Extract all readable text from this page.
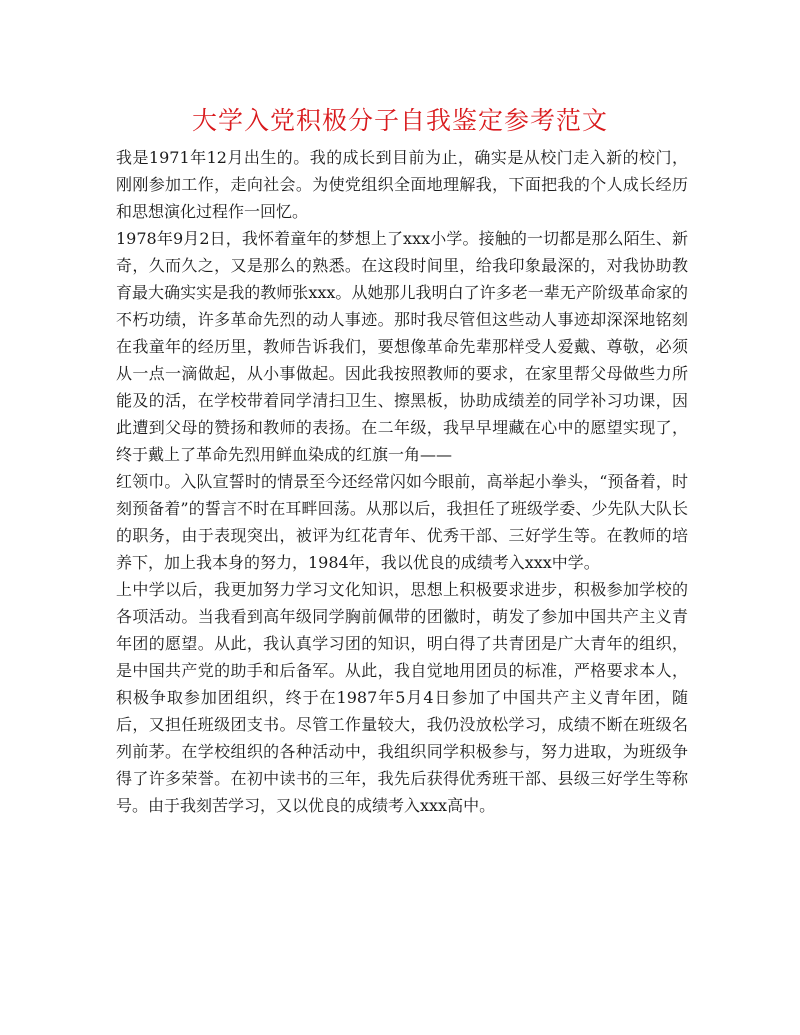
大学入党积极分子自我鉴定参考范文

我是1971年12月出生的。我的成长到目前为止，确实是从校门走入新的校门，刚刚参加工作，走向社会。为使党组织全面地理解我，下面把我的个人成长经历和思想演化过程作一回忆。

1978年9月2日，我怀着童年的梦想上了xxx小学。接触的一切都是那么陌生、新奇，久而久之，又是那么的熟悉。在这段时间里，给我印象最深的，对我协助教育最大确实实是我的教师张xxx。从她那儿我明白了许多老一辈无产阶级革命家的不朽功绩，许多革命先烈的动人事迹。那时我尽管但这些动人事迹却深深地铭刻在我童年的经历里，教师告诉我们，要想像革命先辈那样受人爱戴、尊敬，必须从一点一滴做起，从小事做起。因此我按照教师的要求，在家里帮父母做些力所能及的活，在学校带着同学清扫卫生、擦黑板，协助成绩差的同学补习功课，因此遭到父母的赞扬和教师的表扬。在二年级，我早早埋藏在心中的愿望实现了，终于戴上了革命先烈用鲜血染成的红旗一角——

红领巾。入队宣誓时的情景至今还经常闪如今眼前，高举起小拳头，“预备着，时刻预备着”的誓言不时在耳畔回荡。从那以后，我担任了班级学委、少先队大队长的职务，由于表现突出，被评为红花青年、优秀干部、三好学生等。在教师的培养下，加上我本身的努力，1984年，我以优良的成绩考入xxx中学。

上中学以后，我更加努力学习文化知识，思想上积极要求进步，积极参加学校的各项活动。当我看到高年级同学胸前佩带的团徽时，萌发了参加中国共产主义青年团的愿望。从此，我认真学习团的知识，明白得了共青团是广大青年的组织，是中国共产党的助手和后备军。从此，我自觉地用团员的标准，严格要求本人，积极争取参加团组织，终于在1987年5月4日参加了中国共产主义青年团，随后，又担任班级团支书。尽管工作量较大，我仍没放松学习，成绩不断在班级名列前茅。在学校组织的各种活动中，我组织同学积极参与，努力进取，为班级争得了许多荣誉。在初中读书的三年，我先后获得优秀班干部、县级三好学生等称号。由于我刻苦学习，又以优良的成绩考入xxx高中。
